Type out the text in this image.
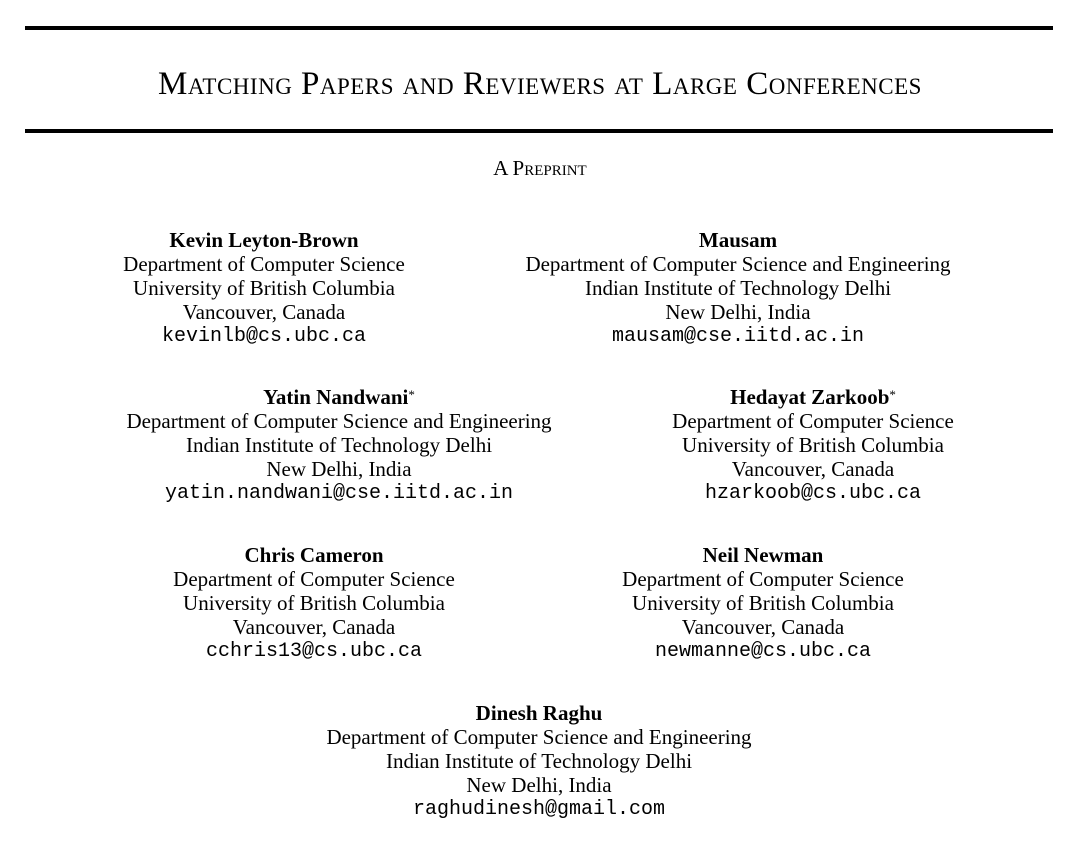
Matching Papers and Reviewers at Large Conferences
A Preprint
Kevin Leyton-Brown
Department of Computer Science
University of British Columbia
Vancouver, Canada
kevinlb@cs.ubc.ca
Mausam
Department of Computer Science and Engineering
Indian Institute of Technology Delhi
New Delhi, India
mausam@cse.iitd.ac.in
Yatin Nandwani*
Department of Computer Science and Engineering
Indian Institute of Technology Delhi
New Delhi, India
yatin.nandwani@cse.iitd.ac.in
Hedayat Zarkoob*
Department of Computer Science
University of British Columbia
Vancouver, Canada
hzarkoob@cs.ubc.ca
Chris Cameron
Department of Computer Science
University of British Columbia
Vancouver, Canada
cchris13@cs.ubc.ca
Neil Newman
Department of Computer Science
University of British Columbia
Vancouver, Canada
newmanne@cs.ubc.ca
Dinesh Raghu
Department of Computer Science and Engineering
Indian Institute of Technology Delhi
New Delhi, India
raghudinesh@gmail.com
